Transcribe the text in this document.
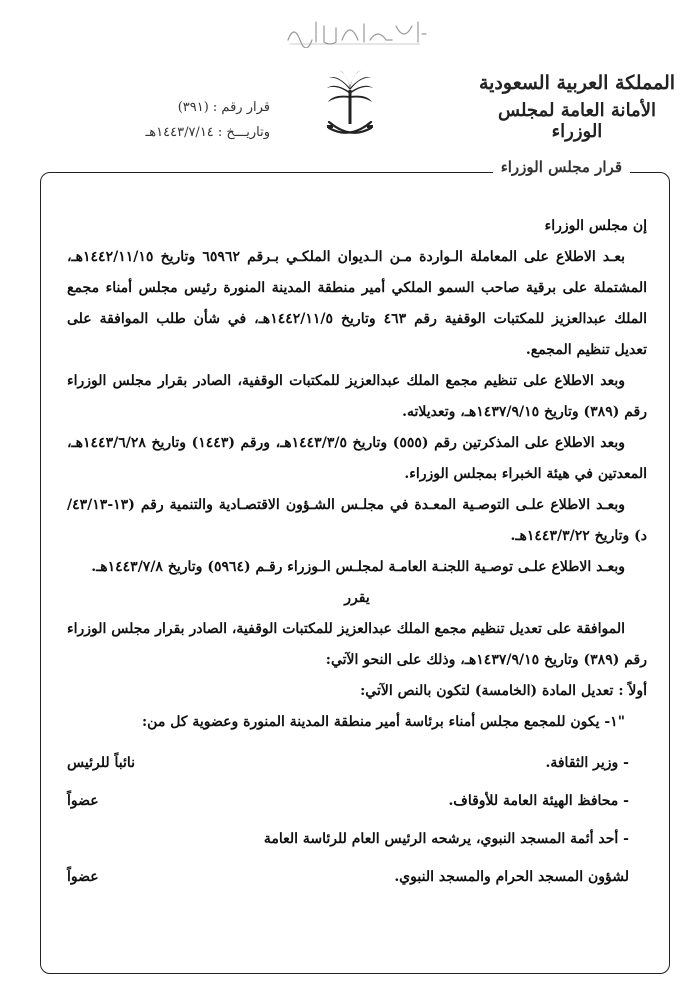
المملكة العربية السعودية
الأمانة العامة لمجلس الوزراء
قرار رقم : (٣٩١)
وتاريـــخ : ١٤٤٣/٧/١٤هـ

إن مجلس الوزراء

بعـد الاطلاع على المعاملة الـواردة مـن الـديوان الملكـي بـرقم ٦٥٩٦٢ وتاريخ ١٤٤٢/١١/١٥هـ، المشتملة على برقية صاحب السمو الملكي أمير منطقة المدينة المنورة رئيس مجلس أمناء مجمع الملك عبدالعزيز للمكتبات الوقفية رقم ٤٦٣ وتاريخ ١٤٤٢/١١/٥هـ، في شأن طلب الموافقة على تعديل تنظيم المجمع.

وبعد الاطلاع على تنظيم مجمع الملك عبدالعزيز للمكتبات الوقفية، الصادر بقرار مجلس الوزراء رقم (٣٨٩) وتاريخ ١٤٣٧/٩/١٥هـ، وتعديلاته.

وبعد الاطلاع على المذكرتين رقم (٥٥٥) وتاريخ ١٤٤٣/٣/٥هـ، ورقم (١٤٤٣) وتاريخ ١٤٤٣/٦/٢٨هـ، المعدتين في هيئة الخبراء بمجلس الوزراء.

وبعـد الاطلاع علـى التوصـية المعـدة في مجلـس الشـؤون الاقتصـادية والتنمية رقم (١٣-٤٣/١٣/د) وتاريخ ١٤٤٣/٣/٢٢هـ.

وبعـد الاطلاع علـى توصـية اللجنـة العامـة لمجلـس الـوزراء رقـم (٥٩٦٤) وتاريخ ١٤٤٣/٧/٨هـ.

يقرر

الموافقة على تعديل تنظيم مجمع الملك عبدالعزيز للمكتبات الوقفية، الصادر بقرار مجلس الوزراء رقم (٣٨٩) وتاريخ ١٤٣٧/٩/١٥هـ، وذلك على النحو الآتي:

أولاً : تعديل المادة (الخامسة) لتكون بالنص الآتي:

"١- يكون للمجمع مجلس أمناء برئاسة أمير منطقة المدينة المنورة وعضوية كل من:

- وزير الثقافة.
نائباً للرئيس
- محافظ الهيئة العامة للأوقاف.
عضواً
- أحد أئمة المسجد النبوي، يرشحه الرئيس العام للرئاسة العامة
لشؤون المسجد الحرام والمسجد النبوي.
عضواً
قرار مجلس الوزراء
